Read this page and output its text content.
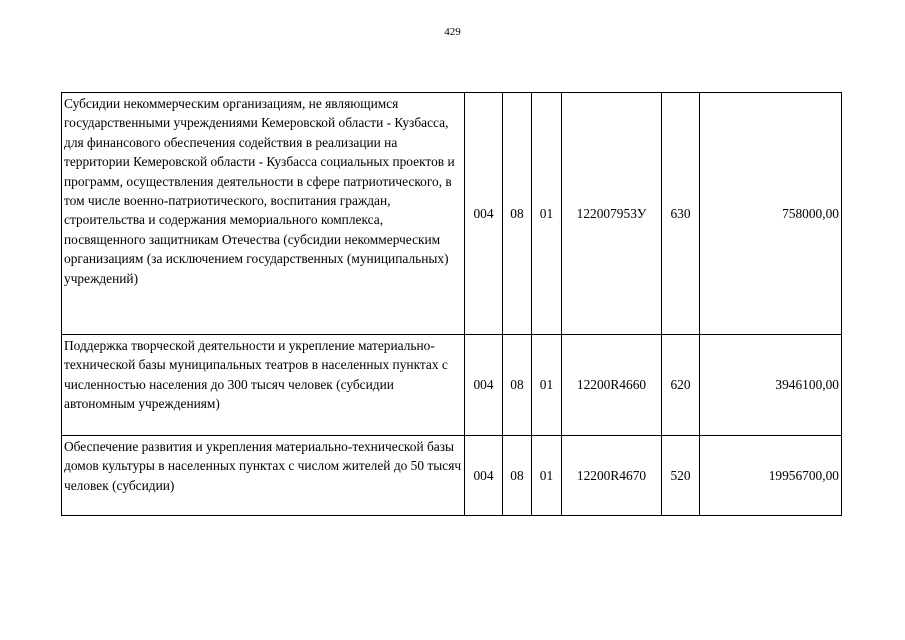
429
Субсидии некоммерческим организациям, не являющимся государственными учреждениями Кемеровской области - Кузбасса, для финансового обеспечения содействия в реализации на территории Кемеровской области - Кузбасса социальных проектов и программ, осуществления деятельности в сфере патриотического, в том числе военно-патриотического, воспитания граждан, строительства и содержания мемориального комплекса, посвященного защитникам Отечества (субсидии некоммерческим организациям (за исключением государственных (муниципальных) учреждений)	004	08	01	122007953У	630	758000,00
Поддержка творческой деятельности и укрепление материально-технической базы муниципальных театров в населенных пунктах с численностью населения до 300 тысяч человек (субсидии автономным учреждениям)	004	08	01	12200R4660	620	3946100,00
Обеспечение развития и укрепления материально-технической базы домов культуры в населенных пунктах с числом жителей до 50 тысяч человек (субсидии)	004	08	01	12200R4670	520	19956700,00
